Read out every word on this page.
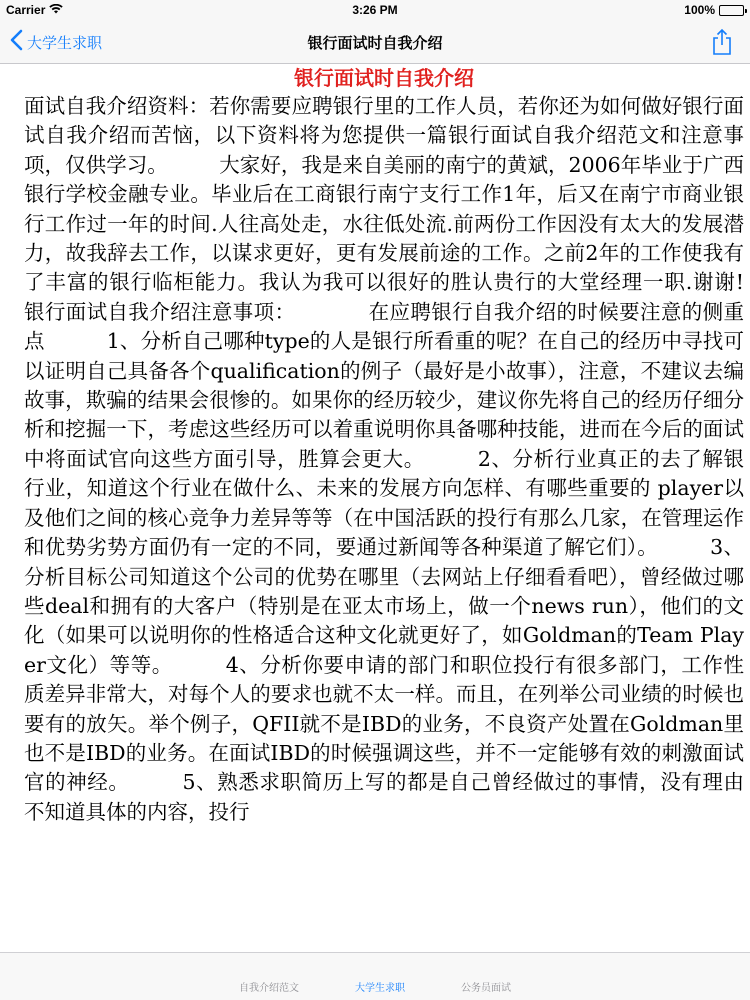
Carrier	3:26 PM	100%
大学生求职	银行面试时自我介绍
银行面试时自我介绍
面试自我介绍资料：若你需要应聘银行里的工作人员，若你还为如何做好银行面试自我介绍而苦恼，以下资料将为您提供一篇银行面试自我介绍范文和注意事项，仅供学习。　　　大家好，我是来自美丽的南宁的黄斌，2006年毕业于广西银行学校金融专业。毕业后在工商银行南宁支行工作1年，后又在南宁市商业银行工作过一年的时间.人往高处走，水往低处流.前两份工作因没有太大的发展潜力，故我辞去工作，以谋求更好，更有发展前途的工作。之前2年的工作使我有了丰富的银行临柜能力。我认为我可以很好的胜认贵行的大堂经理一职.谢谢!　　　银行面试自我介绍注意事项：　　　　在应聘银行自我介绍的时候要注意的侧重点　　　1、分析自己哪种type的人是银行所看重的呢？在自己的经历中寻找可以证明自己具备各个qualification的例子（最好是小故事），注意，不建议去编故事，欺骗的结果会很惨的。如果你的经历较少，建议你先将自己的经历仔细分析和挖掘一下，考虑这些经历可以着重说明你具备哪种技能，进而在今后的面试中将面试官向这些方面引导，胜算会更大。　　　2、分析行业真正的去了解银行业，知道这个行业在做什么、未来的发展方向怎样、有哪些重要的 player以及他们之间的核心竞争力差异等等（在中国活跃的投行有那么几家，在管理运作和优势劣势方面仍有一定的不同，要通过新闻等各种渠道了解它们）。　　　3、分析目标公司知道这个公司的优势在哪里（去网站上仔细看看吧），曾经做过哪些deal和拥有的大客户（特别是在亚太市场上，做一个news run），他们的文化（如果可以说明你的性格适合这种文化就更好了，如Goldman的Team Player文化）等等。　　　4、分析你要申请的部门和职位投行有很多部门，工作性质差异非常大，对每个人的要求也就不太一样。而且，在列举公司业绩的时候也要有的放矢。举个例子，QFII就不是IBD的业务，不良资产处置在Goldman里也不是IBD的业务。在面试IBD的时候强调这些，并不一定能够有效的刺激面试官的神经。　　　5、熟悉求职简历上写的都是自己曾经做过的事情，没有理由不知道具体的内容，投行
自我介绍范文	大学生求职	公务员面试
